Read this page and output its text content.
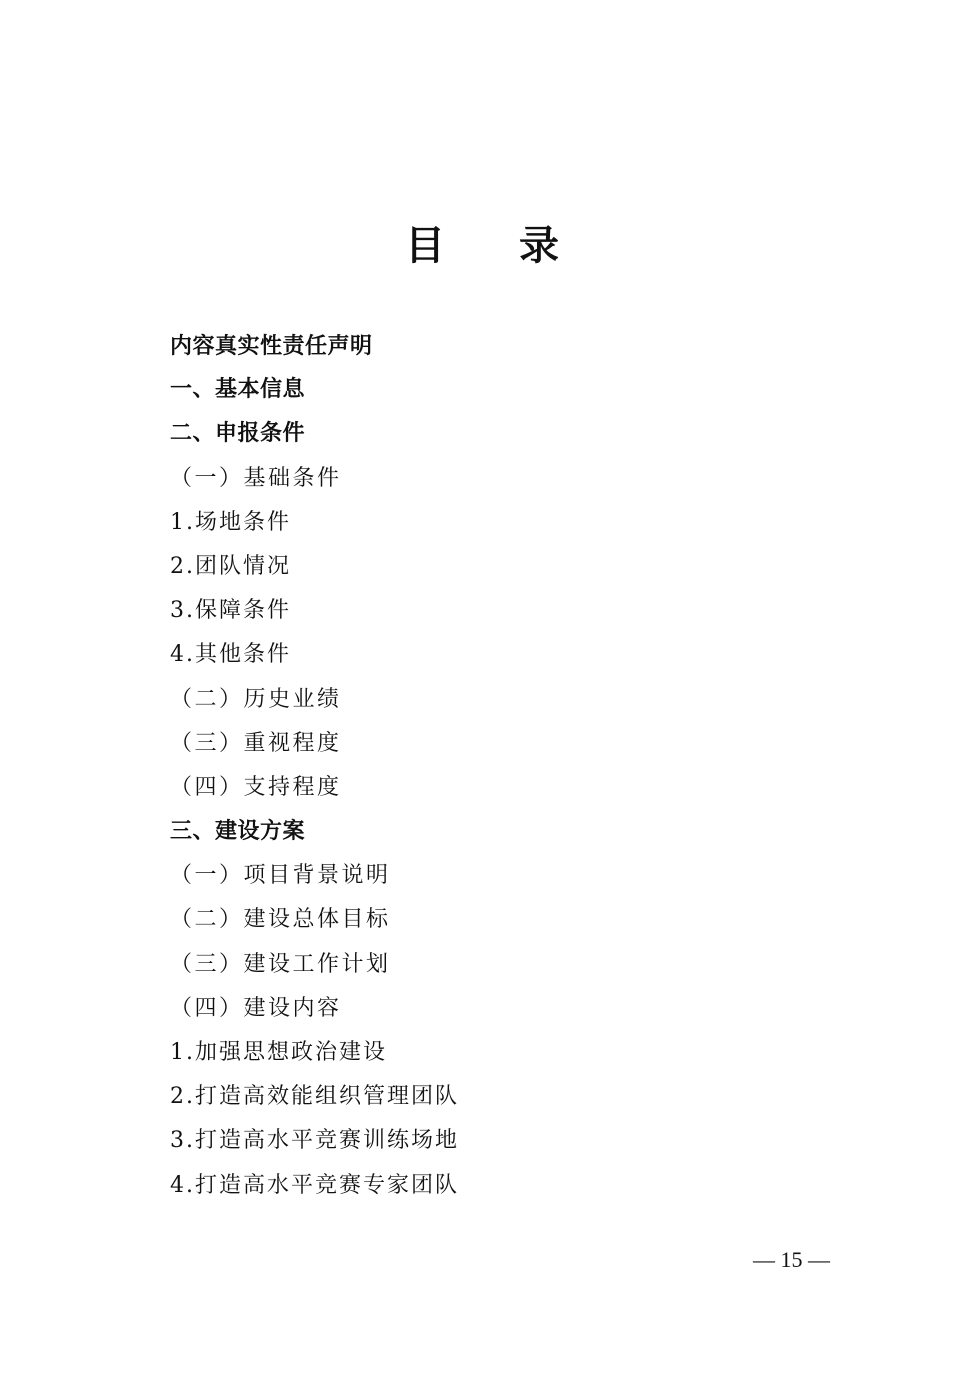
目 录
内容真实性责任声明
一、基本信息
二、申报条件
（一）基础条件
1.场地条件
2.团队情况
3.保障条件
4.其他条件
（二）历史业绩
（三）重视程度
（四）支持程度
三、建设方案
（一）项目背景说明
（二）建设总体目标
（三）建设工作计划
（四）建设内容
1.加强思想政治建设
2.打造高效能组织管理团队
3.打造高水平竞赛训练场地
4.打造高水平竞赛专家团队
— 15 —
